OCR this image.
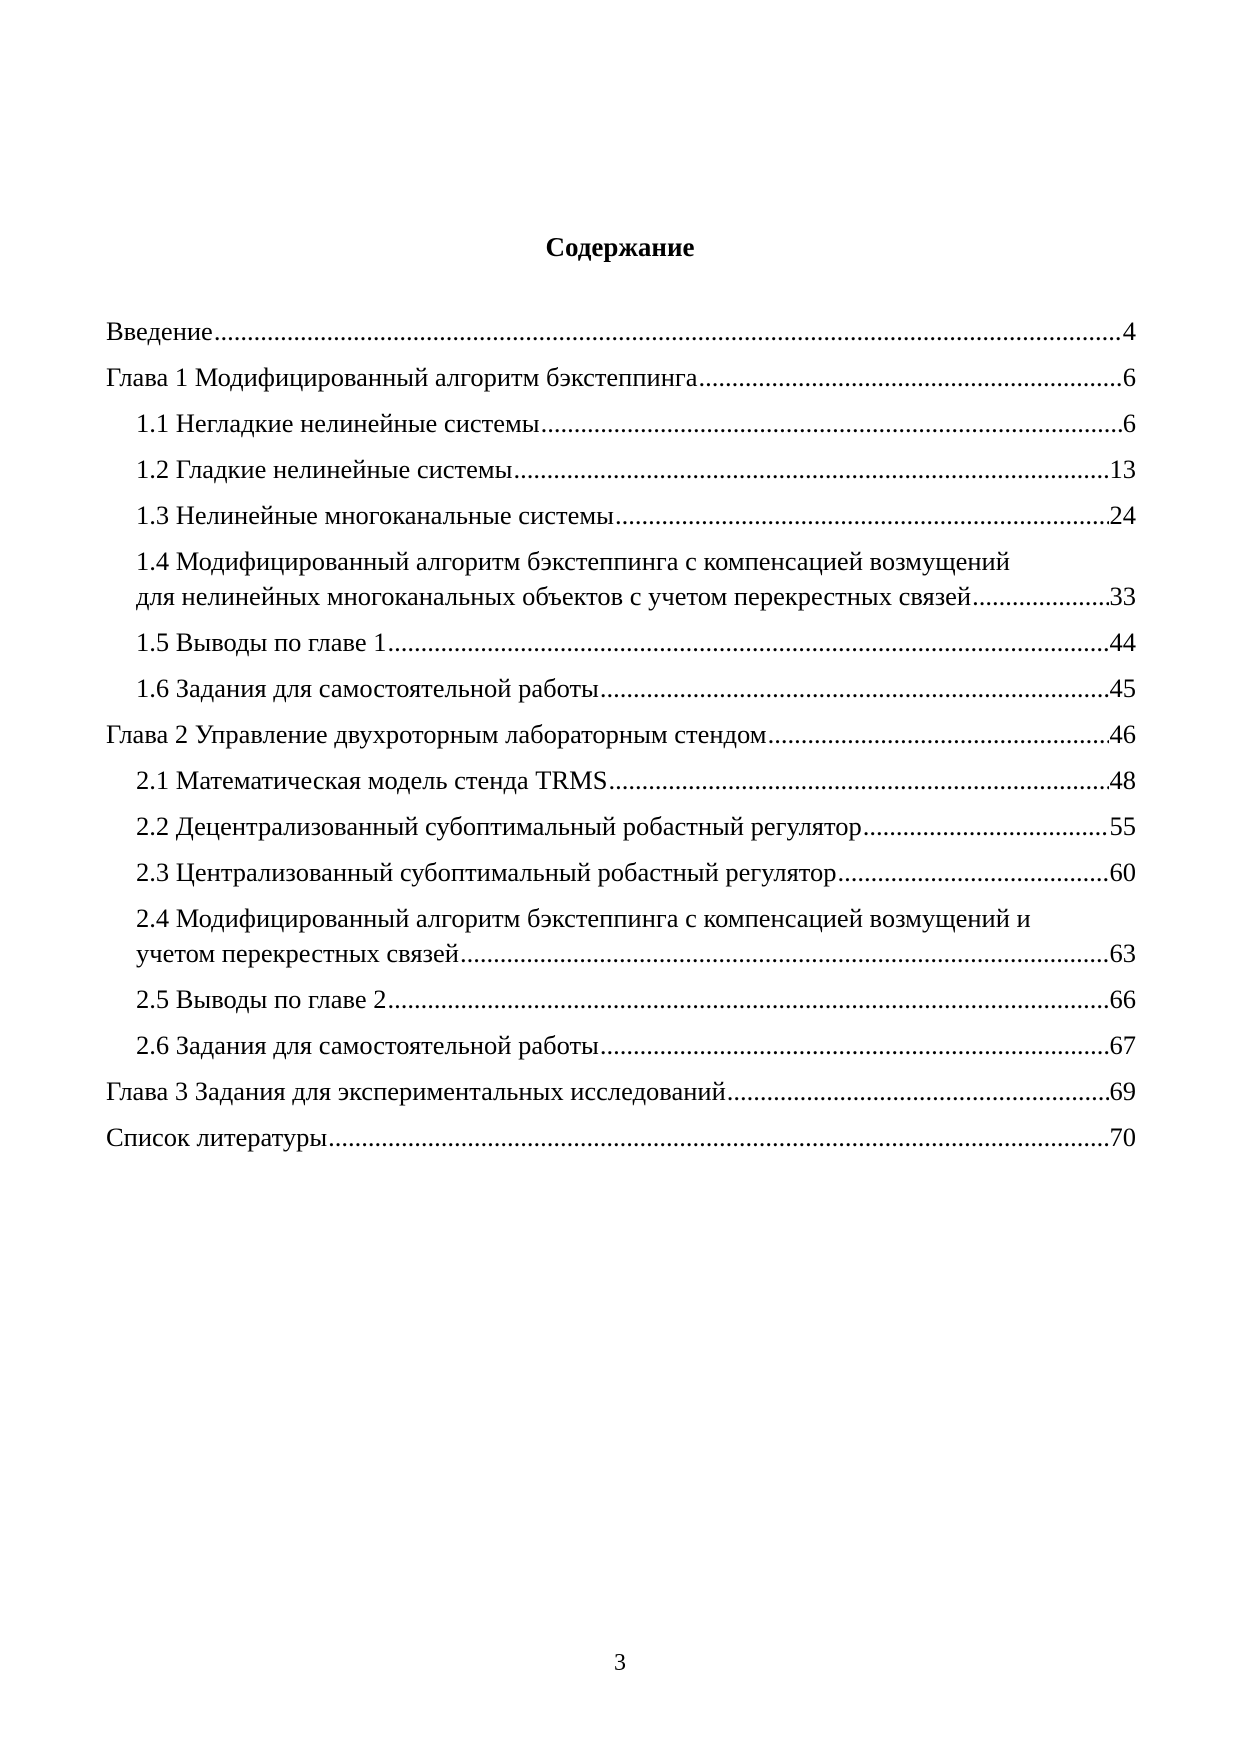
Содержание
Введение .....	4
Глава 1 Модифицированный алгоритм бэкстеппинга .....	6
1.1 Негладкие нелинейные системы .....	6
1.2 Гладкие нелинейные системы .....	13
1.3 Нелинейные многоканальные системы .....	24
1.4 Модифицированный алгоритм бэкстеппинга с компенсацией возмущений
для нелинейных многоканальных объектов с учетом перекрестных связей .....	33
1.5 Выводы по главе 1 .....	44
1.6 Задания для самостоятельной работы .....	45
Глава 2 Управление двухроторным лабораторным стендом .....	46
2.1 Математическая модель стенда TRMS .....	48
2.2 Децентрализованный субоптимальный робастный регулятор .....	55
2.3 Централизованный субоптимальный робастный регулятор .....	60
2.4 Модифицированный алгоритм бэкстеппинга с компенсацией возмущений и
учетом перекрестных связей .....	63
2.5 Выводы по главе 2 .....	66
2.6 Задания для самостоятельной работы .....	67
Глава 3 Задания для экспериментальных исследований .....	69
Список литературы .....	70
3
